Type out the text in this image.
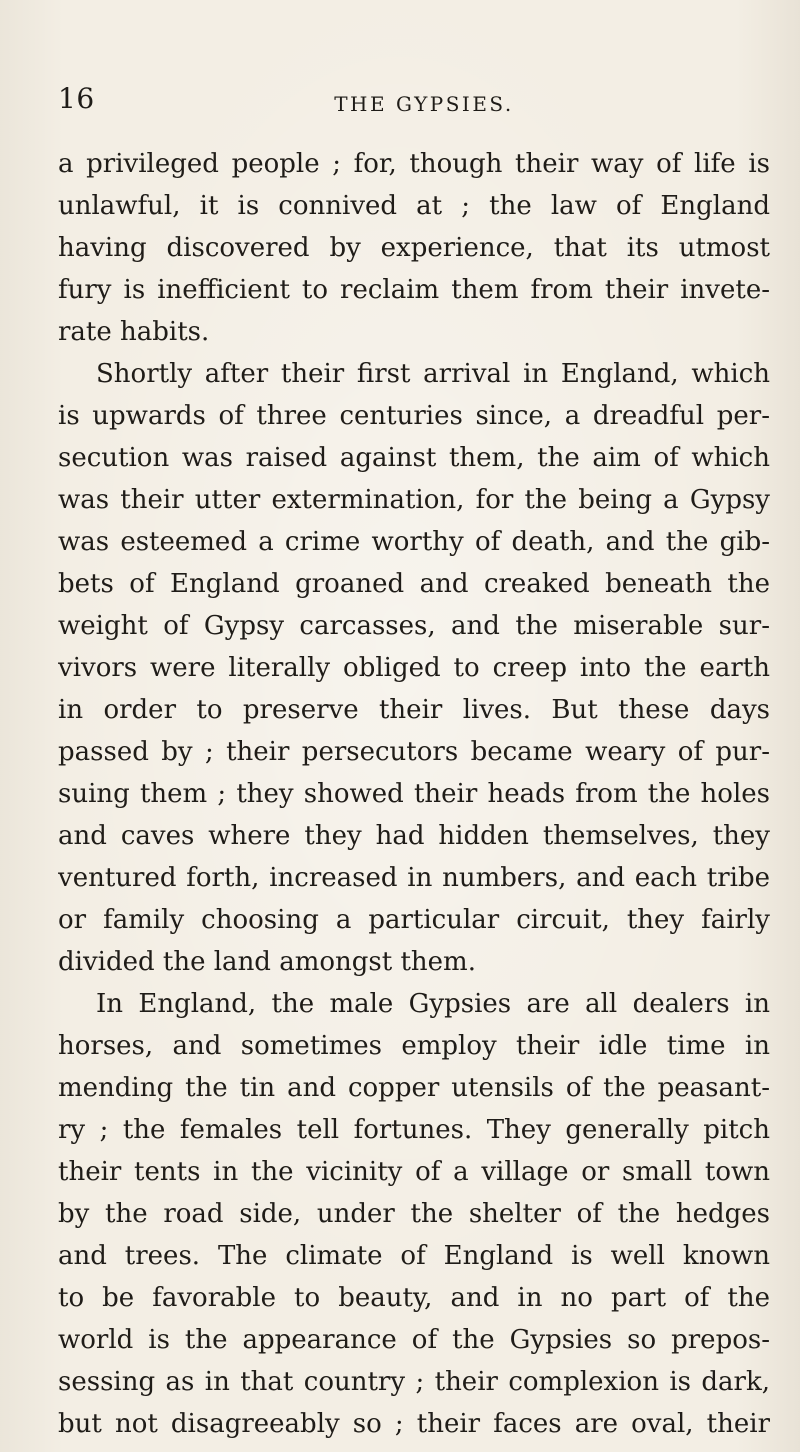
16	THE GYPSIES.
a privileged people ; for, though their way of life is
unlawful, it is connived at ; the law of England
having discovered by experience, that its utmost
fury is inefficient to reclaim them from their invete-
rate habits.
Shortly after their first arrival in England, which
is upwards of three centuries since, a dreadful per-
secution was raised against them, the aim of which
was their utter extermination, for the being a Gypsy
was esteemed a crime worthy of death, and the gib-
bets of England groaned and creaked beneath the
weight of Gypsy carcasses, and the miserable sur-
vivors were literally obliged to creep into the earth
in order to preserve their lives. But these days
passed by ; their persecutors became weary of pur-
suing them ; they showed their heads from the holes
and caves where they had hidden themselves, they
ventured forth, increased in numbers, and each tribe
or family choosing a particular circuit, they fairly
divided the land amongst them.
In England, the male Gypsies are all dealers in
horses, and sometimes employ their idle time in
mending the tin and copper utensils of the peasant-
ry ; the females tell fortunes. They generally pitch
their tents in the vicinity of a village or small town
by the road side, under the shelter of the hedges
and trees. The climate of England is well known
to be favorable to beauty, and in no part of the
world is the appearance of the Gypsies so prepos-
sessing as in that country ; their complexion is dark,
but not disagreeably so ; their faces are oval, their
